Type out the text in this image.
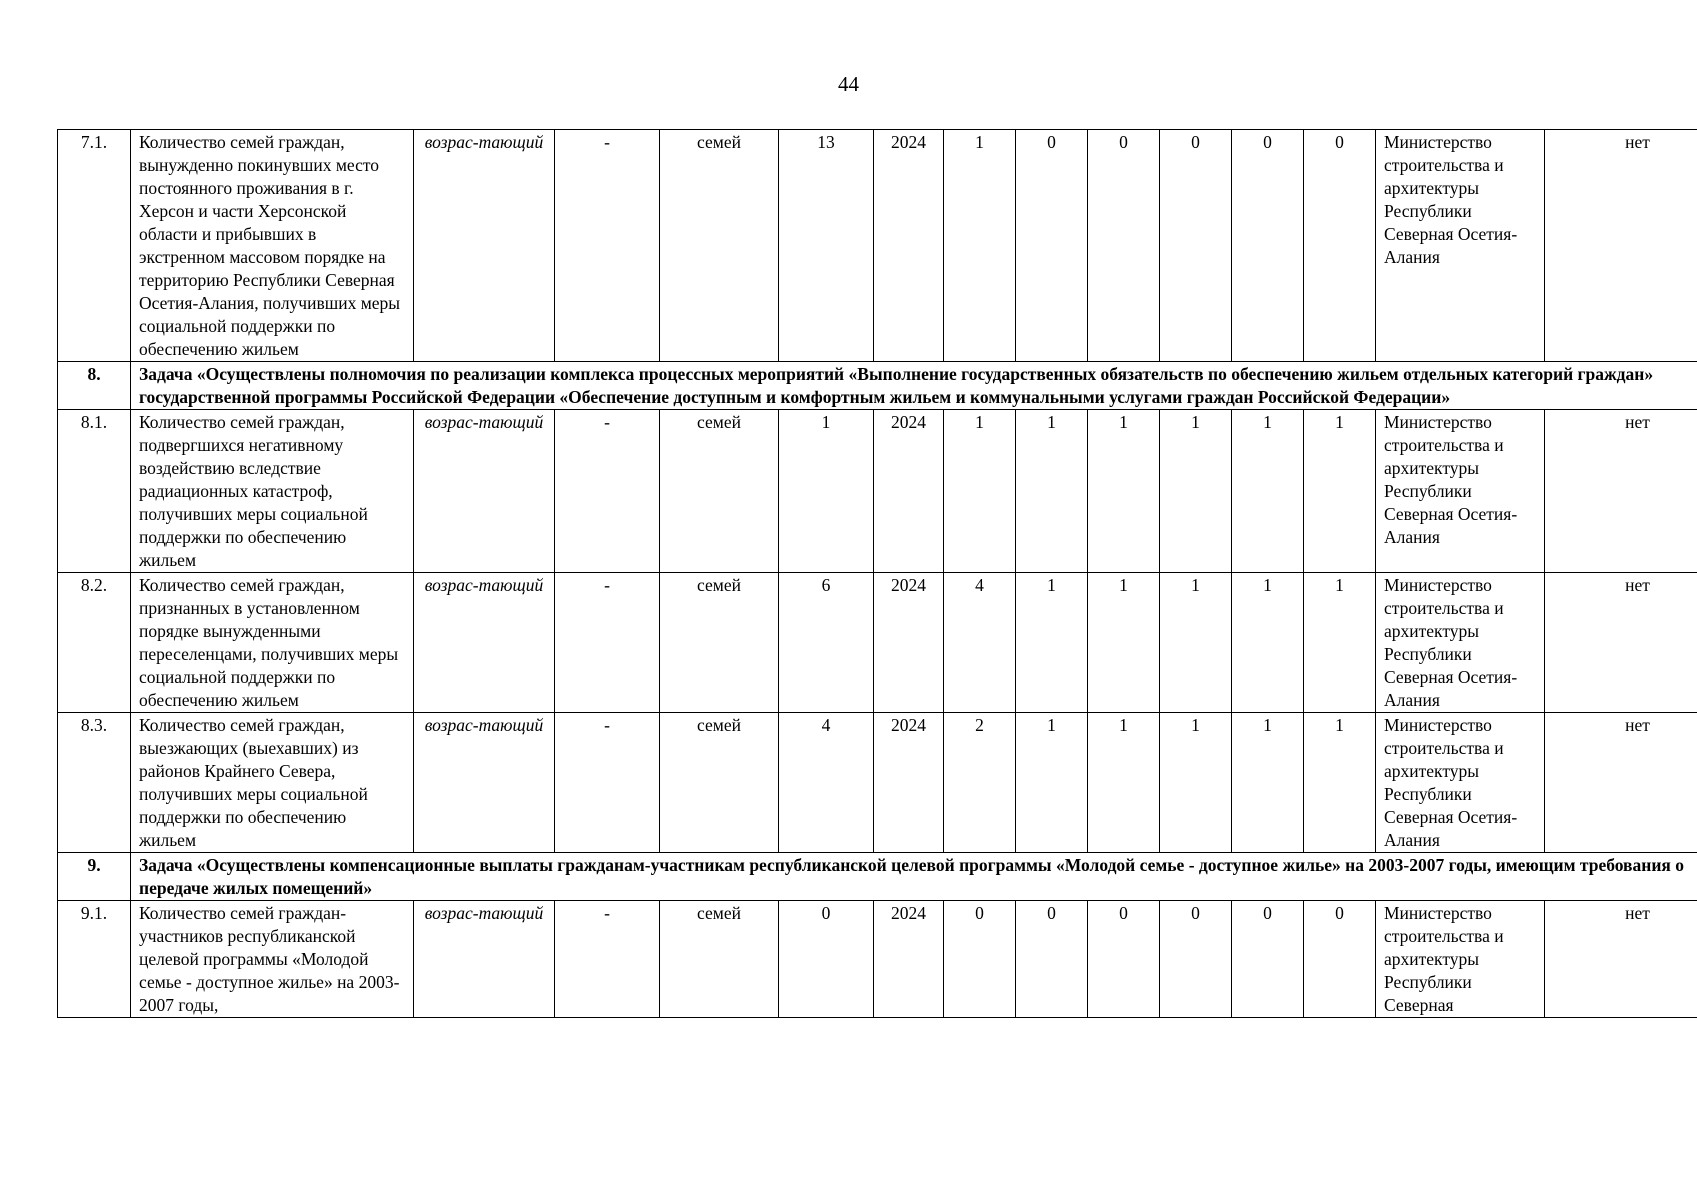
44
7.1.	Количество семей граждан, вынужденно покинувших место постоянного проживания в г. Херсон и части Херсонской области и прибывших в экстренном массовом порядке на территорию Республики Северная Осетия-Алания, получивших меры социальной поддержки по обеспечению жильем	возрас-тающий	-	семей	13	2024	1	0	0	0	0	0	Министерство строительства и архитектуры Республики Северная Осетия-Алания	нет
8.	Задача «Осуществлены полномочия по реализации комплекса процессных мероприятий «Выполнение государственных обязательств по обеспечению жильем отдельных категорий граждан» государственной программы Российской Федерации «Обеспечение доступным и комфортным жильем и коммунальными услугами граждан Российской Федерации»													
8.1.	Количество семей граждан, подвергшихся негативному воздействию вследствие радиационных катастроф, получивших меры социальной поддержки по обеспечению жильем	возрас-тающий	-	семей	1	2024	1	1	1	1	1	1	Министерство строительства и архитектуры Республики Северная Осетия-Алания	нет
8.2.	Количество семей граждан, признанных в установленном порядке вынужденными переселенцами, получивших меры социальной поддержки по обеспечению жильем	возрас-тающий	-	семей	6	2024	4	1	1	1	1	1	Министерство строительства и архитектуры Республики Северная Осетия-Алания	нет
8.3.	Количество семей граждан, выезжающих (выехавших) из районов Крайнего Севера, получивших меры социальной поддержки по обеспечению жильем	возрас-тающий	-	семей	4	2024	2	1	1	1	1	1	Министерство строительства и архитектуры Республики Северная Осетия-Алания	нет
9.	Задача «Осуществлены компенсационные выплаты гражданам-участникам республиканской целевой программы «Молодой семье - доступное жилье» на 2003-2007 годы, имеющим требования о передаче жилых помещений»													
9.1.	Количество семей граждан-участников республиканской целевой программы «Молодой семье - доступное жилье» на 2003-2007 годы,	возрас-тающий	-	семей	0	2024	0	0	0	0	0	0	Министерство строительства и архитектуры Республики Северная	нет
